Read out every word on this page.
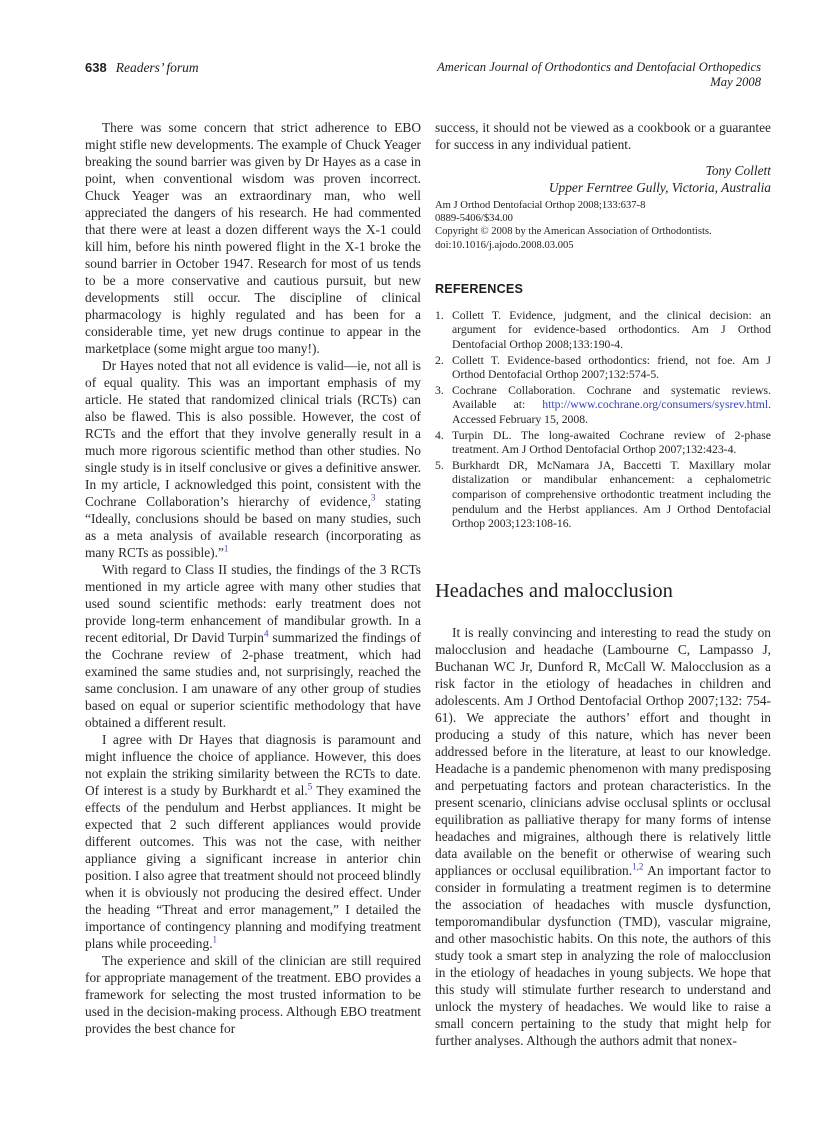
638 Readers’ forum	American Journal of Orthodontics and Dentofacial Orthopedics
May 2008

There was some concern that strict adherence to EBO might stifle new developments. The example of Chuck Yeager breaking the sound barrier was given by Dr Hayes as a case in point, when conventional wisdom was proven incorrect. Chuck Yeager was an extraordinary man, who well appreciated the dangers of his research. He had commented that there were at least a dozen different ways the X-1 could kill him, before his ninth powered flight in the X-1 broke the sound barrier in October 1947. Research for most of us tends to be a more conservative and cautious pursuit, but new developments still occur. The discipline of clinical pharmacology is highly regulated and has been for a considerable time, yet new drugs continue to appear in the marketplace (some might argue too many!).

Dr Hayes noted that not all evidence is valid—ie, not all is of equal quality. This was an important emphasis of my article. He stated that randomized clinical trials (RCTs) can also be flawed. This is also possible. However, the cost of RCTs and the effort that they involve generally result in a much more rigorous scientific method than other studies. No single study is in itself conclusive or gives a definitive answer. In my article, I acknowledged this point, consistent with the Cochrane Collaboration’s hierarchy of evidence,$^3$ stating “Ideally, conclusions should be based on many studies, such as a meta analysis of available research (incorporating as many RCTs as possible).”$^1$

With regard to Class II studies, the findings of the 3 RCTs mentioned in my article agree with many other studies that used sound scientific methods: early treatment does not provide long-term enhancement of mandibular growth. In a recent editorial, Dr David Turpin$^4$ summarized the findings of the Cochrane review of 2-phase treatment, which had examined the same studies and, not surprisingly, reached the same conclusion. I am unaware of any other group of studies based on equal or superior scientific methodology that have obtained a different result.

I agree with Dr Hayes that diagnosis is paramount and might influence the choice of appliance. However, this does not explain the striking similarity between the RCTs to date. Of interest is a study by Burkhardt et al.$^5$ They examined the effects of the pendulum and Herbst appliances. It might be expected that 2 such different appliances would provide different outcomes. This was not the case, with neither appliance giving a significant increase in anterior chin position. I also agree that treatment should not proceed blindly when it is obviously not producing the desired effect. Under the heading “Threat and error management,” I detailed the importance of contingency planning and modifying treatment plans while proceeding.$^1$

The experience and skill of the clinician are still required for appropriate management of the treatment. EBO provides a framework for selecting the most trusted information to be used in the decision-making process. Although EBO treatment provides the best chance for

success, it should not be viewed as a cookbook or a guarantee for success in any individual patient.

Tony Collett
Upper Ferntree Gully, Victoria, Australia
Am J Orthod Dentofacial Orthop 2008;133:637-8
0889-5406/$34.00
Copyright © 2008 by the American Association of Orthodontists.
doi:10.1016/j.ajodo.2008.03.005
REFERENCES
1. Collett T. Evidence, judgment, and the clinical decision: an argument for evidence-based orthodontics. Am J Orthod Dentofacial Orthop 2008;133:190-4.
2. Collett T. Evidence-based orthodontics: friend, not foe. Am J Orthod Dentofacial Orthop 2007;132:574-5.
3. Cochrane Collaboration. Cochrane and systematic reviews. Available at: http://www.cochrane.org/consumers/sysrev.html. Accessed February 15, 2008.
4. Turpin DL. The long-awaited Cochrane review of 2-phase treatment. Am J Orthod Dentofacial Orthop 2007;132:423-4.
5. Burkhardt DR, McNamara JA, Baccetti T. Maxillary molar distalization or mandibular enhancement: a cephalometric comparison of comprehensive orthodontic treatment including the pendulum and the Herbst appliances. Am J Orthod Dentofacial Orthop 2003;123:108-16.
Headaches and malocclusion

It is really convincing and interesting to read the study on malocclusion and headache (Lambourne C, Lampasso J, Buchanan WC Jr, Dunford R, McCall W. Malocclusion as a risk factor in the etiology of headaches in children and adolescents. Am J Orthod Dentofacial Orthop 2007;132: 754-61). We appreciate the authors’ effort and thought in producing a study of this nature, which has never been addressed before in the literature, at least to our knowledge. Headache is a pandemic phenomenon with many predisposing and perpetuating factors and protean characteristics. In the present scenario, clinicians advise occlusal splints or occlusal equilibration as palliative therapy for many forms of intense headaches and migraines, although there is relatively little data available on the benefit or otherwise of wearing such appliances or occlusal equilibration.$^{1,2}$ An important factor to consider in formulating a treatment regimen is to determine the association of headaches with muscle dysfunction, temporomandibular dysfunction (TMD), vascular migraine, and other masochistic habits. On this note, the authors of this study took a smart step in analyzing the role of malocclusion in the etiology of headaches in young subjects. We hope that this study will stimulate further research to understand and unlock the mystery of headaches. We would like to raise a small concern pertaining to the study that might help for further analyses. Although the authors admit that nonex-
